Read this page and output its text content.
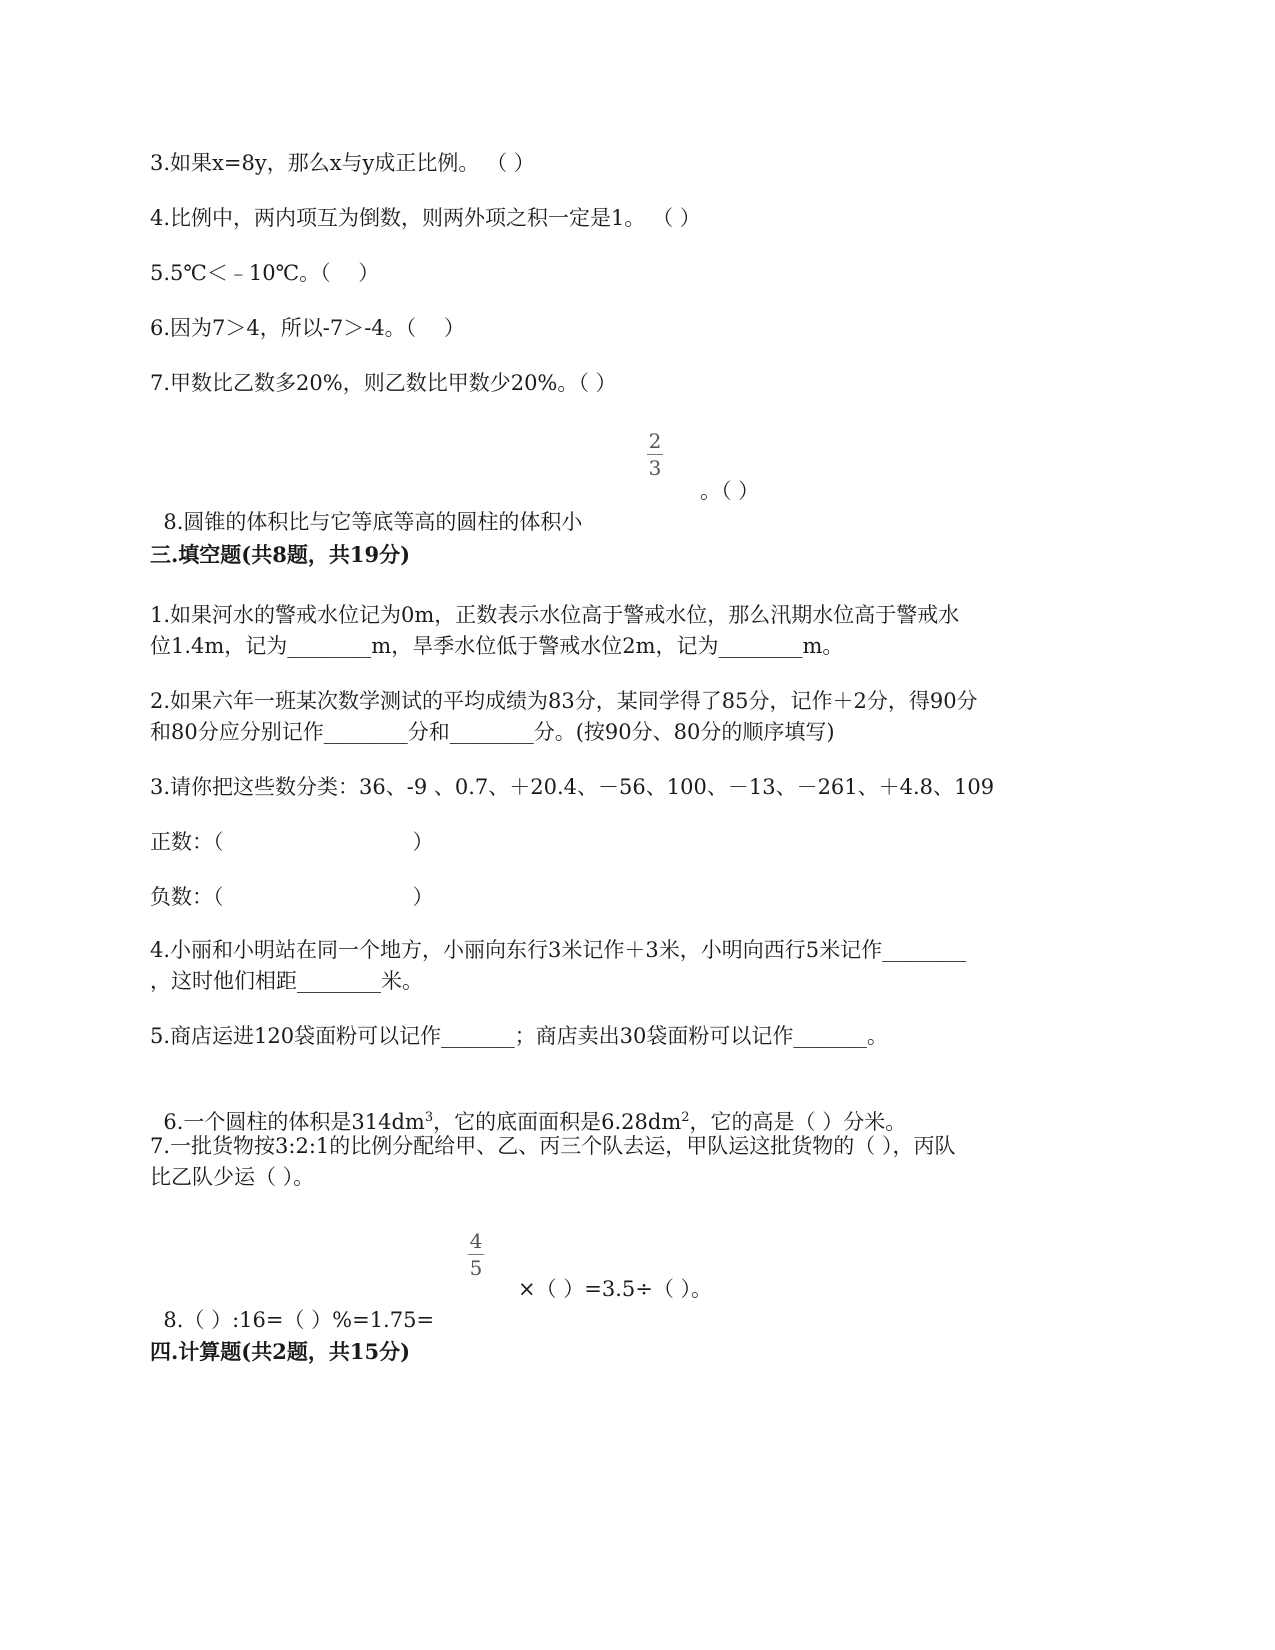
3.如果x=8y，那么x与y成正比例。 （ ）
4.比例中，两内项互为倒数，则两外项之积一定是1。 （ ）
5.5℃＜﹣10℃。（　 ）
6.因为7＞4，所以-7＞-4。（　 ）
7.甲数比乙数多20%，则乙数比甲数少20%。（ ）

8.圆锥的体积比与它等底等高的圆柱的体积小

2
3
。（ ）
三.填空题(共8题，共19分)
1.如果河水的警戒水位记为0m，正数表示水位高于警戒水位，那么汛期水位高于警戒水
位1.4m，记为________m，旱季水位低于警戒水位2m，记为________m。
2.如果六年一班某次数学测试的平均成绩为83分，某同学得了85分，记作＋2分，得90分
和80分应分别记作________分和________分。(按90分、80分的顺序填写)
3.请你把这些数分类：36、-9 、0.7、＋20.4、－56、100、－13、－261、＋4.8、109
正数：（　　　　　　　　　）
负数：（　　　　　　　　　）
4.小丽和小明站在同一个地方，小丽向东行3米记作＋3米，小明向西行5米记作________
，这时他们相距________米。
5.商店运进120袋面粉可以记作_______；商店卖出30袋面粉可以记作_______。

6.一个圆柱的体积是$314dm^3$，它的底面面积是$6.28dm^2$，它的高是（ ）分米。

7.一批货物按3:2:1的比例分配给甲、乙、丙三个队去运，甲队运这批货物的（ ），丙队
比乙队少运（ ）。

8.（ ）:16=（ ）%=1.75=

4
5
×（ ）=3.5÷（ ）。
四.计算题(共2题，共15分)
